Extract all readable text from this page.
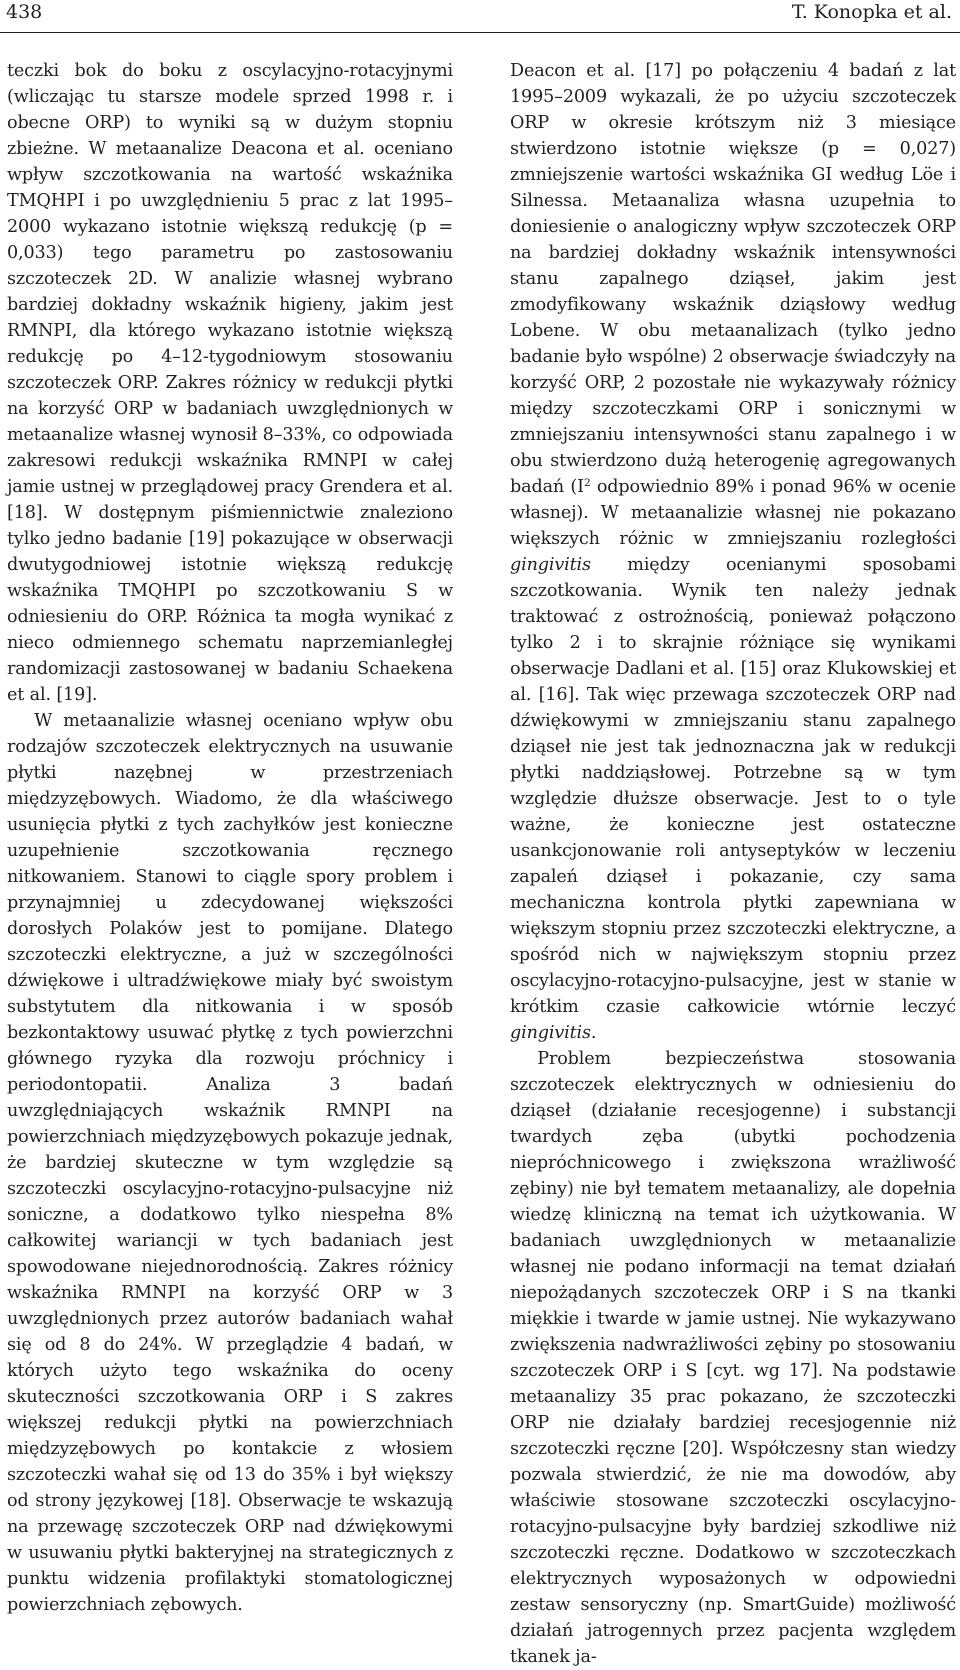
438	T. Konopka et al.

teczki bok do boku z oscylacyjno-rotacyjnymi (wliczając tu starsze modele sprzed 1998 r. i obecne ORP) to wyniki są w dużym stopniu zbieżne. W metaanalize Deacona et al. oceniano wpływ szczotkowania na wartość wskaźnika TMQHPI i po uwzględnieniu 5 prac z lat 1995–2000 wykazano istotnie większą redukcję (p = 0,033) tego parametru po zastosowaniu szczoteczek 2D. W analizie własnej wybrano bardziej dokładny wskaźnik higieny, jakim jest RMNPI, dla którego wykazano istotnie większą redukcję po 4–12-tygodniowym stosowaniu szczoteczek ORP. Zakres różnicy w redukcji płytki na korzyść ORP w badaniach uwzględnionych w metaanalize własnej wynosił 8–33%, co odpowiada zakresowi redukcji wskaźnika RMNPI w całej jamie ustnej w przeglądowej pracy Grendera et al. [18]. W dostępnym piśmiennictwie znaleziono tylko jedno badanie [19] pokazujące w obserwacji dwutygodniowej istotnie większą redukcję wskaźnika TMQHPI po szczotkowaniu S w odniesieniu do ORP. Różnica ta mogła wynikać z nieco odmiennego schematu naprzemianległej randomizacji zastosowanej w badaniu Schaekena et al. [19].

W metaanalizie własnej oceniano wpływ obu rodzajów szczoteczek elektrycznych na usuwanie płytki nazębnej w przestrzeniach międzyzębowych. Wiadomo, że dla właściwego usunięcia płytki z tych zachyłków jest konieczne uzupełnienie szczotkowania ręcznego nitkowaniem. Stanowi to ciągle spory problem i przynajmniej u zdecydowanej większości dorosłych Polaków jest to pomijane. Dlatego szczoteczki elektryczne, a już w szczególności dźwiękowe i ultradźwiękowe miały być swoistym substytutem dla nitkowania i w sposób bezkontaktowy usuwać płytkę z tych powierzchni głównego ryzyka dla rozwoju próchnicy i periodontopatii. Analiza 3 badań uwzględniających wskaźnik RMNPI na powierzchniach międzyzębowych pokazuje jednak, że bardziej skuteczne w tym względzie są szczoteczki oscylacyjno-rotacyjno-pulsacyjne niż soniczne, a dodatkowo tylko niespełna 8% całkowitej wariancji w tych badaniach jest spowodowane niejednorodnością. Zakres różnicy wskaźnika RMNPI na korzyść ORP w 3 uwzględnionych przez autorów badaniach wahał się od 8 do 24%. W przeglądzie 4 badań, w których użyto tego wskaźnika do oceny skuteczności szczotkowania ORP i S zakres większej redukcji płytki na powierzchniach międzyzębowych po kontakcie z włosiem szczoteczki wahał się od 13 do 35% i był większy od strony językowej [18]. Obserwacje te wskazują na przewagę szczoteczek ORP nad dźwiękowymi w usuwaniu płytki bakteryjnej na strategicznych z punktu widzenia profilaktyki stomatologicznej powierzchniach zębowych.

Deacon et al. [17] po połączeniu 4 badań z lat 1995–2009 wykazali, że po użyciu szczoteczek ORP w okresie krótszym niż 3 miesiące stwierdzono istotnie większe (p = 0,027) zmniejszenie wartości wskaźnika GI według Löe i Silnessa. Metaanaliza własna uzupełnia to doniesienie o analogiczny wpływ szczoteczek ORP na bardziej dokładny wskaźnik intensywności stanu zapalnego dziąseł, jakim jest zmodyfikowany wskaźnik dziąsłowy według Lobene. W obu metaanalizach (tylko jedno badanie było wspólne) 2 obserwacje świadczyły na korzyść ORP, 2 pozostałe nie wykazywały różnicy między szczoteczkami ORP i sonicznymi w zmniejszaniu intensywności stanu zapalnego i w obu stwierdzono dużą heterogenię agregowanych badań ($I^2$ odpowiednio 89% i ponad 96% w ocenie własnej). W metaanalizie własnej nie pokazano większych różnic w zmniejszaniu rozległości gingivitis między ocenianymi sposobami szczotkowania. Wynik ten należy jednak traktować z ostrożnością, ponieważ połączono tylko 2 i to skrajnie różniące się wynikami obserwacje Dadlani et al. [15] oraz Klukowskiej et al. [16]. Tak więc przewaga szczoteczek ORP nad dźwiękowymi w zmniejszaniu stanu zapalnego dziąseł nie jest tak jednoznaczna jak w redukcji płytki naddziąsłowej. Potrzebne są w tym względzie dłuższe obserwacje. Jest to o tyle ważne, że konieczne jest ostateczne usankcjonowanie roli antyseptyków w leczeniu zapaleń dziąseł i pokazanie, czy sama mechaniczna kontrola płytki zapewniana w większym stopniu przez szczoteczki elektryczne, a spośród nich w największym stopniu przez oscylacyjno-rotacyjno-pulsacyjne, jest w stanie w krótkim czasie całkowicie wtórnie leczyć gingivitis.

Problem bezpieczeństwa stosowania szczoteczek elektrycznych w odniesieniu do dziąseł (działanie recesjogenne) i substancji twardych zęba (ubytki pochodzenia niepróchnicowego i zwiększona wrażliwość zębiny) nie był tematem metaanalizy, ale dopełnia wiedzę kliniczną na temat ich użytkowania. W badaniach uwzględnionych w metaanalizie własnej nie podano informacji na temat działań niepożądanych szczoteczek ORP i S na tkanki miękkie i twarde w jamie ustnej. Nie wykazywano zwiększenia nadwrażliwości zębiny po stosowaniu szczoteczek ORP i S [cyt. wg 17]. Na podstawie metaanalizy 35 prac pokazano, że szczoteczki ORP nie działały bardziej recesjogennie niż szczoteczki ręczne [20]. Współczesny stan wiedzy pozwala stwierdzić, że nie ma dowodów, aby właściwie stosowane szczoteczki oscylacyjno-rotacyjno-pulsacyjne były bardziej szkodliwe niż szczoteczki ręczne. Dodatkowo w szczoteczkach elektrycznych wyposażonych w odpowiedni zestaw sensoryczny (np. SmartGuide) możliwość działań jatrogennych przez pacjenta względem tkanek ja-
